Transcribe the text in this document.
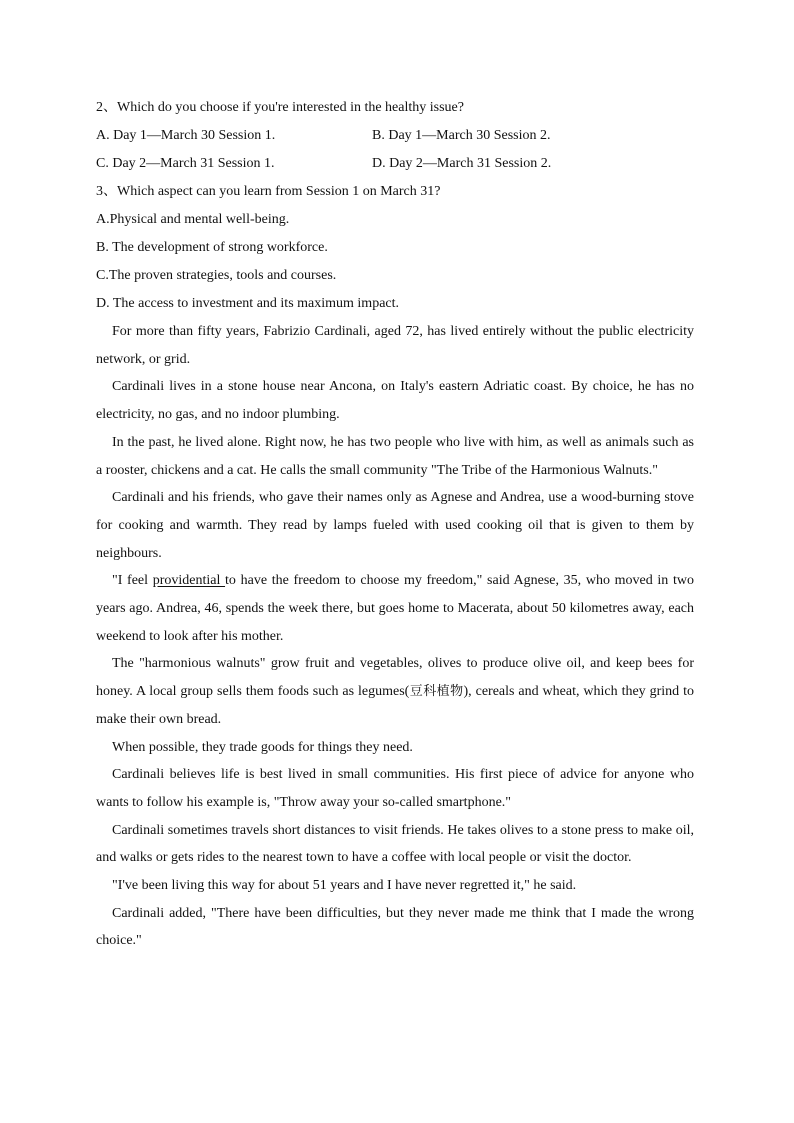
2、Which do you choose if you're interested in the healthy issue?
A. Day 1—March 30 Session 1.	B. Day 1—March 30 Session 2.
C. Day 2—March 31 Session 1.	D. Day 2—March 31 Session 2.
3、Which aspect can you learn from Session 1 on March 31?
A.Physical and mental well-being.
B. The development of strong workforce.
C.The proven strategies, tools and courses.
D. The access to investment and its maximum impact.

For more than fifty years, Fabrizio Cardinali, aged 72, has lived entirely without the public electricity network, or grid.

Cardinali lives in a stone house near Ancona, on Italy's eastern Adriatic coast. By choice, he has no electricity, no gas, and no indoor plumbing.

In the past, he lived alone. Right now, he has two people who live with him, as well as animals such as a rooster, chickens and a cat. He calls the small community "The Tribe of the Harmonious Walnuts."

Cardinali and his friends, who gave their names only as Agnese and Andrea, use a wood-burning stove for cooking and warmth. They read by lamps fueled with used cooking oil that is given to them by neighbours.

"I feel providential to have the freedom to choose my freedom," said Agnese, 35, who moved in two years ago. Andrea, 46, spends the week there, but goes home to Macerata, about 50 kilometres away, each weekend to look after his mother.

The "harmonious walnuts" grow fruit and vegetables, olives to produce olive oil, and keep bees for honey. A local group sells them foods such as legumes(豆科植物), cereals and wheat, which they grind to make their own bread.

When possible, they trade goods for things they need.

Cardinali believes life is best lived in small communities. His first piece of advice for anyone who wants to follow his example is, "Throw away your so-called smartphone."

Cardinali sometimes travels short distances to visit friends. He takes olives to a stone press to make oil, and walks or gets rides to the nearest town to have a coffee with local people or visit the doctor.

"I've been living this way for about 51 years and I have never regretted it," he said.

Cardinali added, "There have been difficulties, but they never made me think that I made the wrong choice."
